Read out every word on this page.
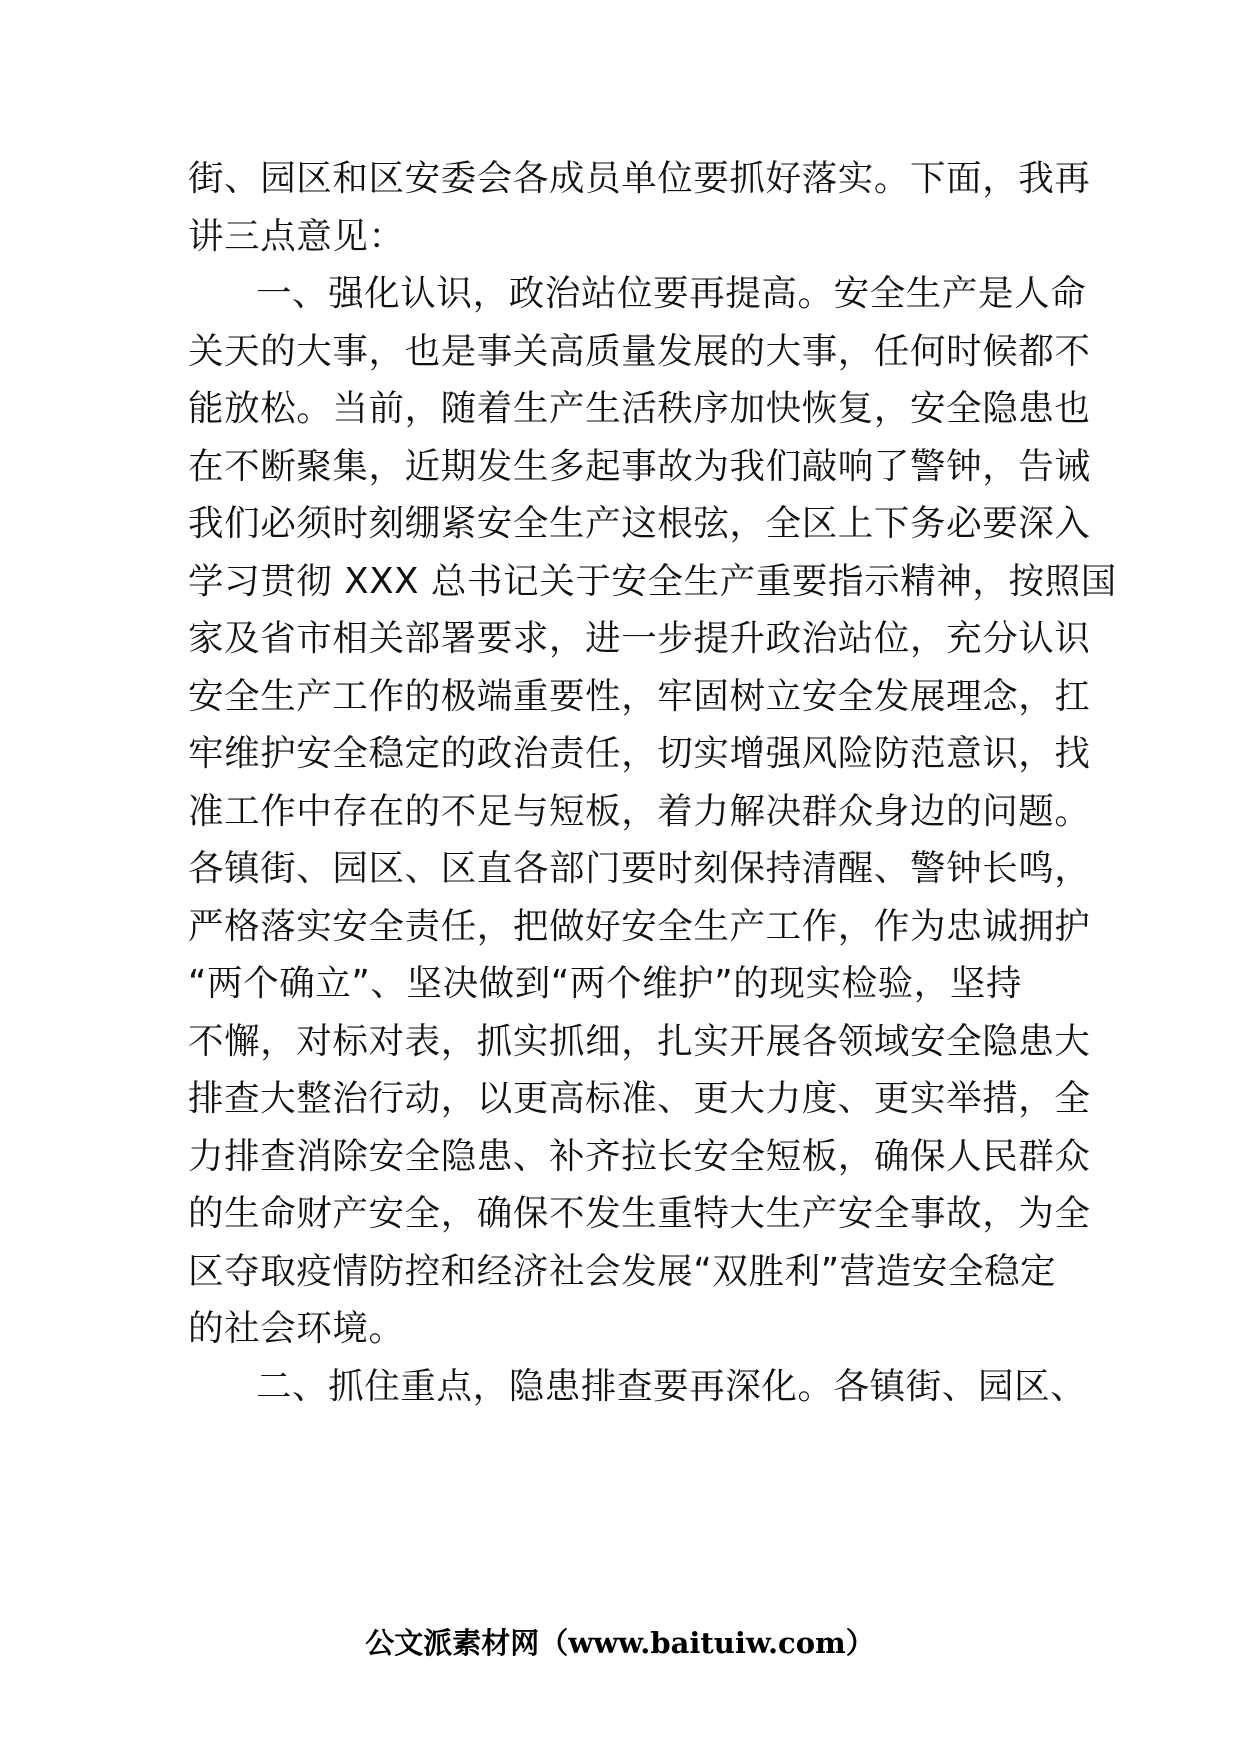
街、园区和区安委会各成员单位要抓好落实。下面，我再
讲三点意见：
一、强化认识，政治站位要再提高。安全生产是人命
关天的大事，也是事关高质量发展的大事，任何时候都不
能放松。当前，随着生产生活秩序加快恢复，安全隐患也
在不断聚集，近期发生多起事故为我们敲响了警钟，告诫
我们必须时刻绷紧安全生产这根弦，全区上下务必要深入
学习贯彻 XXX 总书记关于安全生产重要指示精神，按照国
家及省市相关部署要求，进一步提升政治站位，充分认识
安全生产工作的极端重要性，牢固树立安全发展理念，扛
牢维护安全稳定的政治责任，切实增强风险防范意识，找
准工作中存在的不足与短板，着力解决群众身边的问题。
各镇街、园区、区直各部门要时刻保持清醒、警钟长鸣，
严格落实安全责任，把做好安全生产工作，作为忠诚拥护
“两个确立”、坚决做到“两个维护”的现实检验，坚持
不懈，对标对表，抓实抓细，扎实开展各领域安全隐患大
排查大整治行动，以更高标准、更大力度、更实举措，全
力排查消除安全隐患、补齐拉长安全短板，确保人民群众
的生命财产安全，确保不发生重特大生产安全事故，为全
区夺取疫情防控和经济社会发展“双胜利”营造安全稳定
的社会环境。
二、抓住重点，隐患排查要再深化。各镇街、园区、
公文派素材网（www.baituiw.com）
